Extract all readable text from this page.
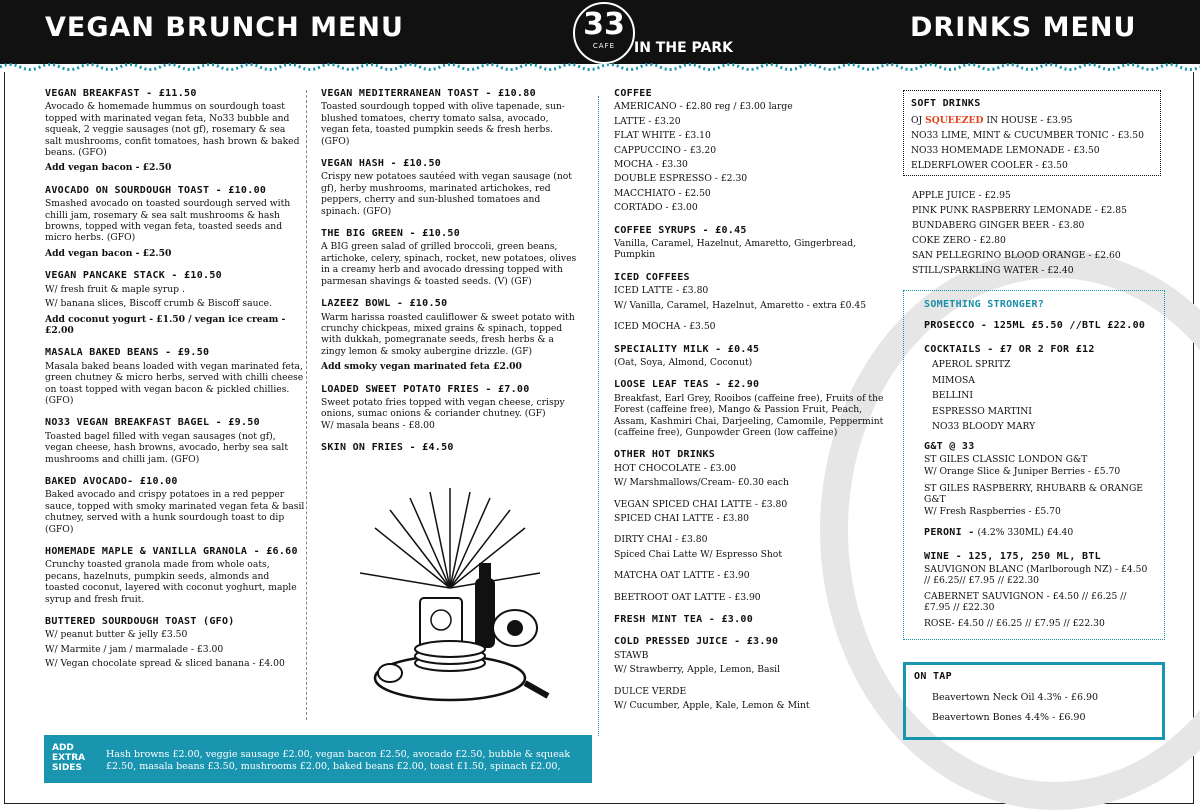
VEGAN BRUNCH MENU	DRINKS MENU
33
CAFE	IN THE PARK
VEGAN BREAKFAST - £11.50
Avocado & homemade hummus on sourdough toast topped with marinated vegan feta, No33 bubble and squeak, 2 veggie sausages (not gf), rosemary & sea salt mushrooms, confit tomatoes, hash brown & baked beans. (GFO)
Add vegan bacon - £2.50
AVOCADO ON SOURDOUGH TOAST - £10.00
Smashed avocado on toasted sourdough served with chilli jam, rosemary & sea salt mushrooms & hash browns, topped with vegan feta, toasted seeds and micro herbs. (GFO)
Add vegan bacon - £2.50
VEGAN PANCAKE STACK - £10.50
W/ fresh fruit & maple syrup .
W/ banana slices, Biscoff crumb & Biscoff sauce.
Add coconut yogurt - £1.50 / vegan ice cream - £2.00
MASALA BAKED BEANS - £9.50
Masala baked beans loaded with vegan marinated feta, green chutney & micro herbs, served with chilli cheese on toast topped with vegan bacon & pickled chillies. (GFO)
NO33 VEGAN BREAKFAST BAGEL - £9.50
Toasted bagel filled with vegan sausages (not gf), vegan cheese, hash browns, avocado, herby sea salt mushrooms and chilli jam. (GFO)
BAKED AVOCADO- £10.00
Baked avocado and crispy potatoes in a red pepper sauce, topped with smoky marinated vegan feta & basil chutney, served with a hunk sourdough toast to dip (GFO)
HOMEMADE MAPLE & VANILLA GRANOLA - £6.60
Crunchy toasted granola made from whole oats, pecans, hazelnuts, pumpkin seeds, almonds and toasted coconut, layered with coconut yoghurt, maple syrup and fresh fruit.
BUTTERED SOURDOUGH TOAST (GFO)
W/ peanut butter & jelly £3.50
W/ Marmite / jam / marmalade - £3.00
W/ Vegan chocolate spread & sliced banana - £4.00
VEGAN MEDITERRANEAN TOAST - £10.80
Toasted sourdough topped with olive tapenade, sun-blushed tomatoes, cherry tomato salsa, avocado, vegan feta, toasted pumpkin seeds & fresh herbs. (GFO)
VEGAN HASH - £10.50
Crispy new potatoes sautéed with vegan sausage (not gf), herby mushrooms, marinated artichokes, red peppers, cherry and sun-blushed tomatoes and spinach. (GFO)
THE BIG GREEN - £10.50
A BIG green salad of grilled broccoli, green beans, artichoke, celery, spinach, rocket, new potatoes, olives in a creamy herb and avocado dressing topped with parmesan shavings & toasted seeds. (V) (GF)
LAZEEZ BOWL - £10.50
Warm harissa roasted cauliflower & sweet potato with crunchy chickpeas, mixed grains & spinach, topped with dukkah, pomegranate seeds, fresh herbs & a zingy lemon & smoky aubergine drizzle. (GF)
Add smoky vegan marinated feta £2.00
LOADED SWEET POTATO FRIES - £7.00
Sweet potato fries topped with vegan cheese, crispy onions, sumac onions & coriander chutney. (GF)
W/ masala beans - £8.00
SKIN ON FRIES - £4.50
ADD EXTRA SIDES
Hash browns £2.00, veggie sausage £2.00, vegan bacon £2.50, avocado £2.50, bubble & squeak £2.50, masala beans £3.50, mushrooms £2.00, baked beans £2.00, toast £1.50, spinach £2.00,
COFFEE
AMERICANO - £2.80 reg / £3.00 large
LATTE - £3.20
FLAT WHITE - £3.10
CAPPUCCINO - £3.20
MOCHA - £3.30
DOUBLE ESPRESSO - £2.30
MACCHIATO - £2.50
CORTADO - £3.00
COFFEE SYRUPS - £0.45
Vanilla, Caramel, Hazelnut, Amaretto, Gingerbread, Pumpkin
ICED COFFEES
ICED LATTE - £3.80
W/ Vanilla, Caramel, Hazelnut, Amaretto - extra £0.45
ICED MOCHA - £3.50
SPECIALITY MILK - £0.45
(Oat, Soya, Almond, Coconut)
LOOSE LEAF TEAS - £2.90
Breakfast, Earl Grey, Rooibos (caffeine free), Fruits of the Forest (caffeine free), Mango & Passion Fruit, Peach, Assam, Kashmiri Chai, Darjeeling, Camomile, Peppermint (caffeine free), Gunpowder Green (low caffeine)
OTHER HOT DRINKS
HOT CHOCOLATE - £3.00
W/ Marshmallows/Cream- £0.30 each
VEGAN SPICED CHAI LATTE - £3.80
SPICED CHAI LATTE - £3.80
DIRTY CHAI - £3.80
Spiced Chai Latte W/ Espresso Shot
MATCHA OAT LATTE - £3.90
BEETROOT OAT LATTE - £3.90
FRESH MINT TEA - £3.00
COLD PRESSED JUICE - £3.90
STAWB
W/ Strawberry, Apple, Lemon, Basil
DULCE VERDE
W/ Cucumber, Apple, Kale, Lemon & Mint
SOFT DRINKS
OJ SQUEEZED IN HOUSE - £3.95
NO33 LIME, MINT & CUCUMBER TONIC - £3.50
NO33 HOMEMADE LEMONADE - £3.50
ELDERFLOWER COOLER - £3.50
APPLE JUICE - £2.95
PINK PUNK RASPBERRY LEMONADE - £2.85
BUNDABERG GINGER BEER - £3.80
COKE ZERO - £2.80
SAN PELLEGRINO BLOOD ORANGE - £2.60
STILL/SPARKLING WATER - £2.40
SOMETHING STRONGER?
PROSECCO - 125ML £5.50 //BTL £22.00
COCKTAILS - £7 OR 2 FOR £12
APEROL SPRITZ
MIMOSA
BELLINI
ESPRESSO MARTINI
NO33 BLOODY MARY
G&T @ 33
ST GILES CLASSIC LONDON G&T
W/ Orange Slice & Juniper Berries - £5.70
ST GILES RASPBERRY, RHUBARB & ORANGE G&T
W/ Fresh Raspberries - £5.70
PERONI - (4.2% 330ML) £4.40
WINE - 125, 175, 250 ML, BTL
SAUVIGNON BLANC (Marlborough NZ) - £4.50
// £6.25// £7.95 // £22.30
CABERNET SAUVIGNON - £4.50 // £6.25 //
£7.95 // £22.30
ROSE- £4.50 // £6.25 // £7.95 // £22.30
ON TAP
Beavertown Neck Oil 4.3% - £6.90
Beavertown Bones 4.4% - £6.90
